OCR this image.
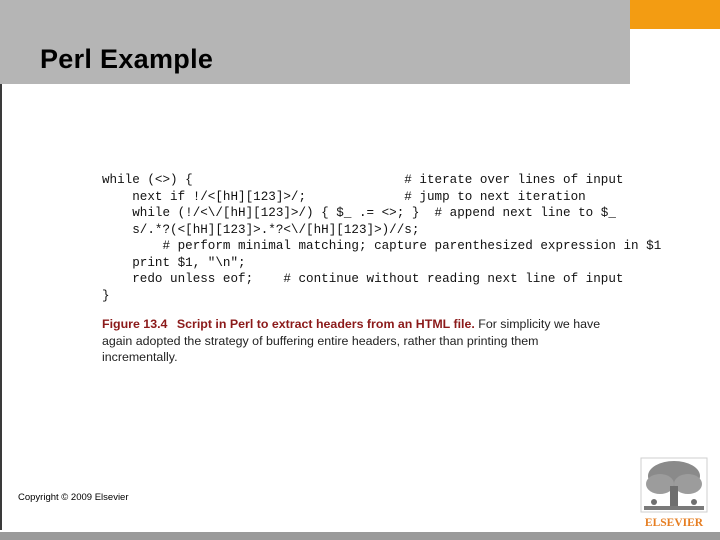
Perl Example
while (<>) {                            # iterate over lines of input
next if !/<[hH][123]>/;             # jump to next iteration
while (!/<\/[hH][123]>/) { $_ .= <>; }  # append next line to $_
s/.*?(<[hH][123]>.*?<\/[hH][123]>)//s;
# perform minimal matching; capture parenthesized expression in $1
print $1, "\n";
redo unless eof;    # continue without reading next line of input
}
Figure 13.4 Script in Perl to extract headers from an HTML file. For simplicity we have again adopted the strategy of buffering entire headers, rather than printing them incrementally.
Copyright © 2009 Elsevier
ELSEVIER
